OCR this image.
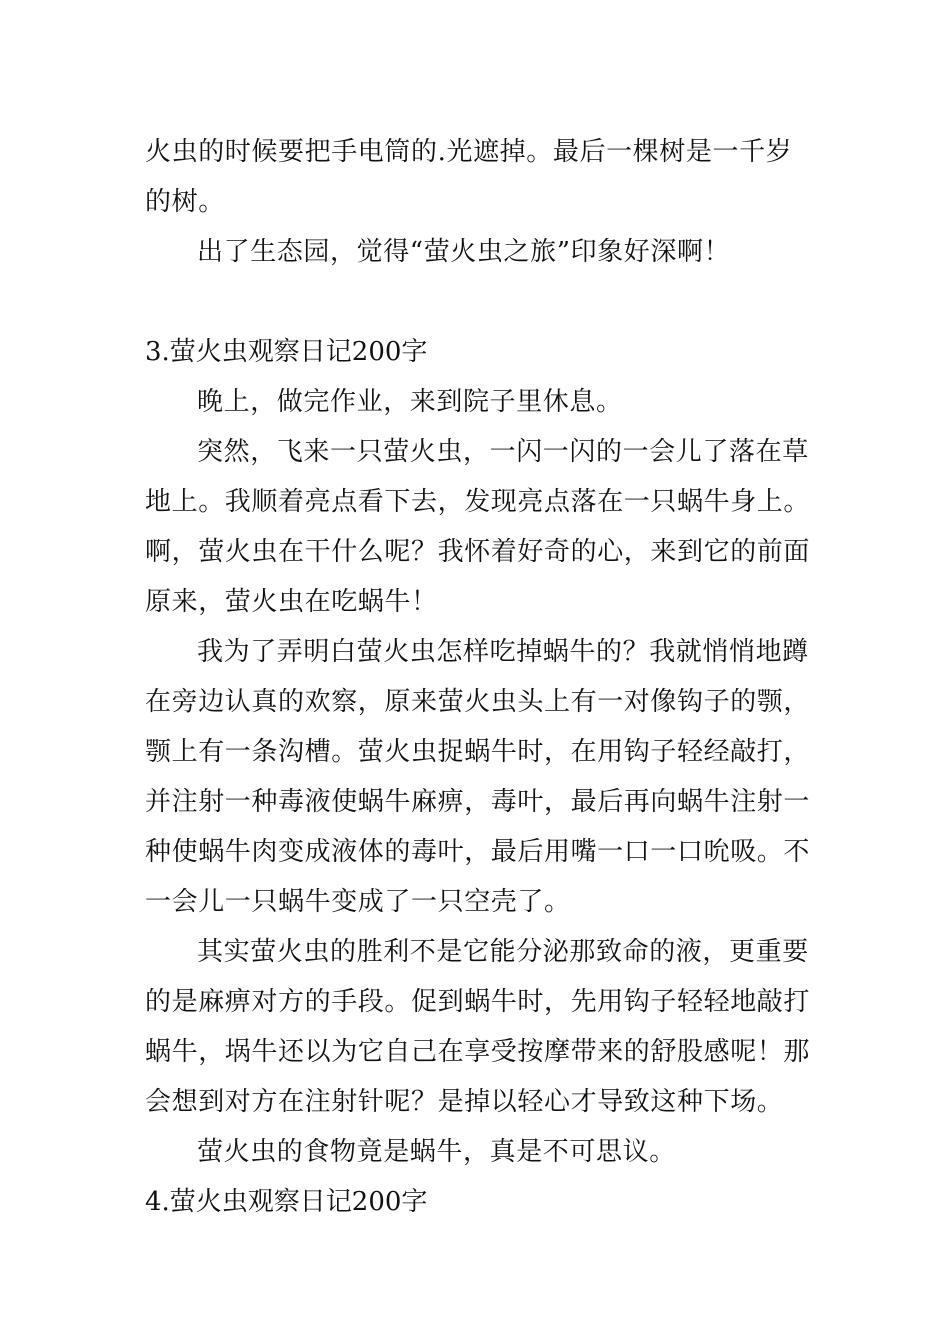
火虫的时候要把手电筒的.光遮掉。最后一棵树是一千岁的树。

出了生态园，觉得“萤火虫之旅”印象好深啊！

3.萤火虫观察日记200字

晚上，做完作业，来到院子里休息。

突然，飞来一只萤火虫，一闪一闪的一会儿了落在草地上。我顺着亮点看下去，发现亮点落在一只蜗牛身上。啊，萤火虫在干什么呢？我怀着好奇的心，来到它的前面原来，萤火虫在吃蜗牛！

我为了弄明白萤火虫怎样吃掉蜗牛的？我就悄悄地蹲在旁边认真的欢察，原来萤火虫头上有一对像钩子的颚，颚上有一条沟槽。萤火虫捉蜗牛时，在用钩子轻经敲打，并注射一种毒液使蜗牛麻痹，毒叶，最后再向蜗牛注射一种使蜗牛肉变成液体的毒叶，最后用嘴一口一口吮吸。不一会儿一只蜗牛变成了一只空壳了。

其实萤火虫的胜利不是它能分泌那致命的液，更重要的是麻痹对方的手段。促到蜗牛时，先用钩子轻轻地敲打蜗牛，埚牛还以为它自己在享受按摩带来的舒股感呢！那会想到对方在注射针呢？是掉以轻心才导致这种下场。

萤火虫的食物竟是蜗牛，真是不可思议。

4.萤火虫观察日记200字
